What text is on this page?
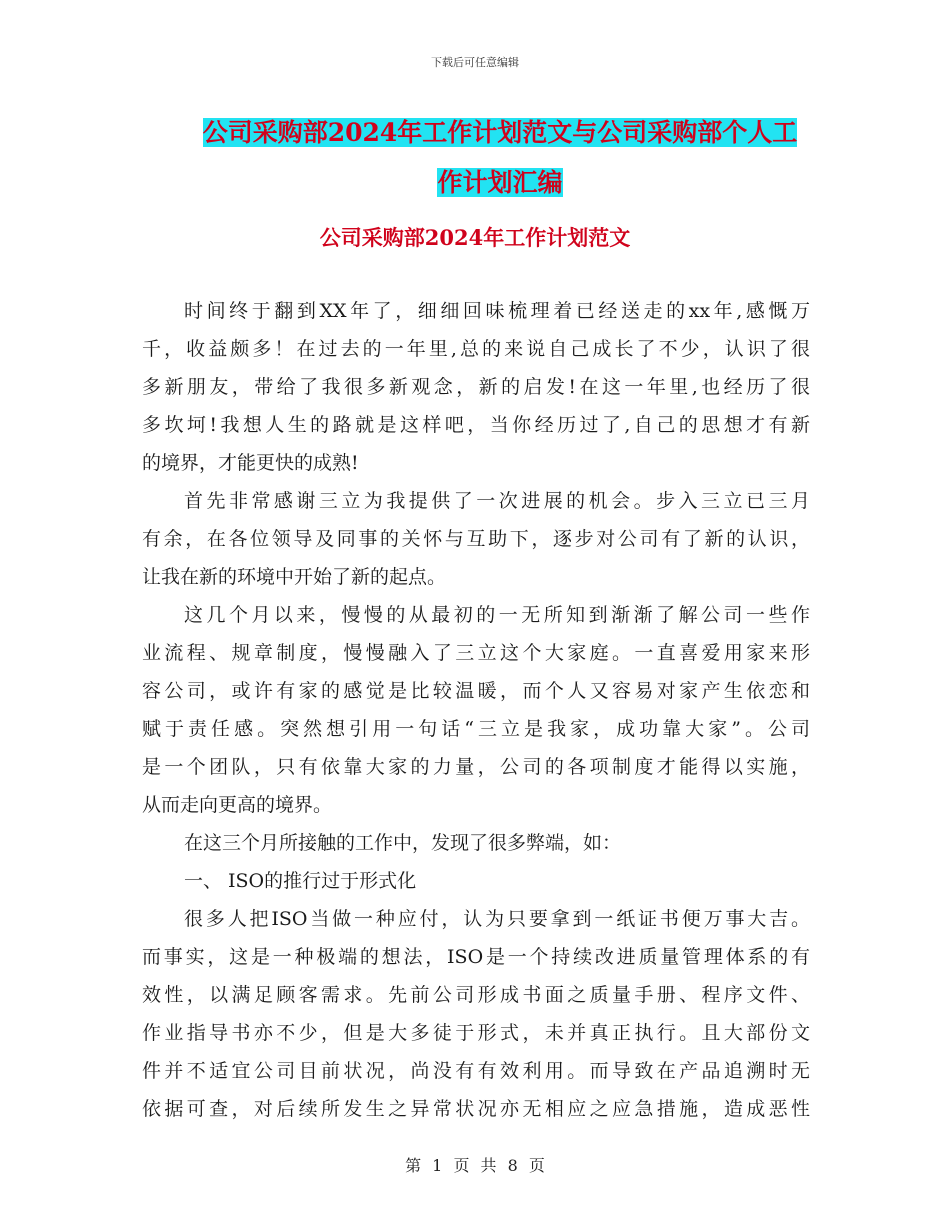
下载后可任意编辑
公司采购部2024年工作计划范文与公司采购部个人工
作计划汇编
公司采购部2024年工作计划范文
时间终于翻到XX年了，细细回味梳理着已经送走的xx年,感慨万
千，收益颇多！在过去的一年里,总的来说自己成长了不少，认识了很
多新朋友，带给了我很多新观念，新的启发!在这一年里,也经历了很
多坎坷!我想人生的路就是这样吧，当你经历过了,自己的思想才有新
的境界，才能更快的成熟!
首先非常感谢三立为我提供了一次进展的机会。步入三立已三月
有余，在各位领导及同事的关怀与互助下，逐步对公司有了新的认识，
让我在新的环境中开始了新的起点。
这几个月以来，慢慢的从最初的一无所知到渐渐了解公司一些作
业流程、规章制度，慢慢融入了三立这个大家庭。一直喜爱用家来形
容公司，或许有家的感觉是比较温暖，而个人又容易对家产生依恋和
赋于责任感。突然想引用一句话“三立是我家，成功靠大家”。公司
是一个团队，只有依靠大家的力量，公司的各项制度才能得以实施，
从而走向更高的境界。
在这三个月所接触的工作中，发现了很多弊端，如：
一、 ISO的推行过于形式化
很多人把ISO当做一种应付，认为只要拿到一纸证书便万事大吉。
而事实，这是一种极端的想法，ISO是一个持续改进质量管理体系的有
效性，以满足顾客需求。先前公司形成书面之质量手册、程序文件、
作业指导书亦不少，但是大多徒于形式，未并真正执行。且大部份文
件并不适宜公司目前状况，尚没有有效利用。而导致在产品追溯时无
依据可查，对后续所发生之异常状况亦无相应之应急措施，造成恶性
第 1 页 共 8 页
